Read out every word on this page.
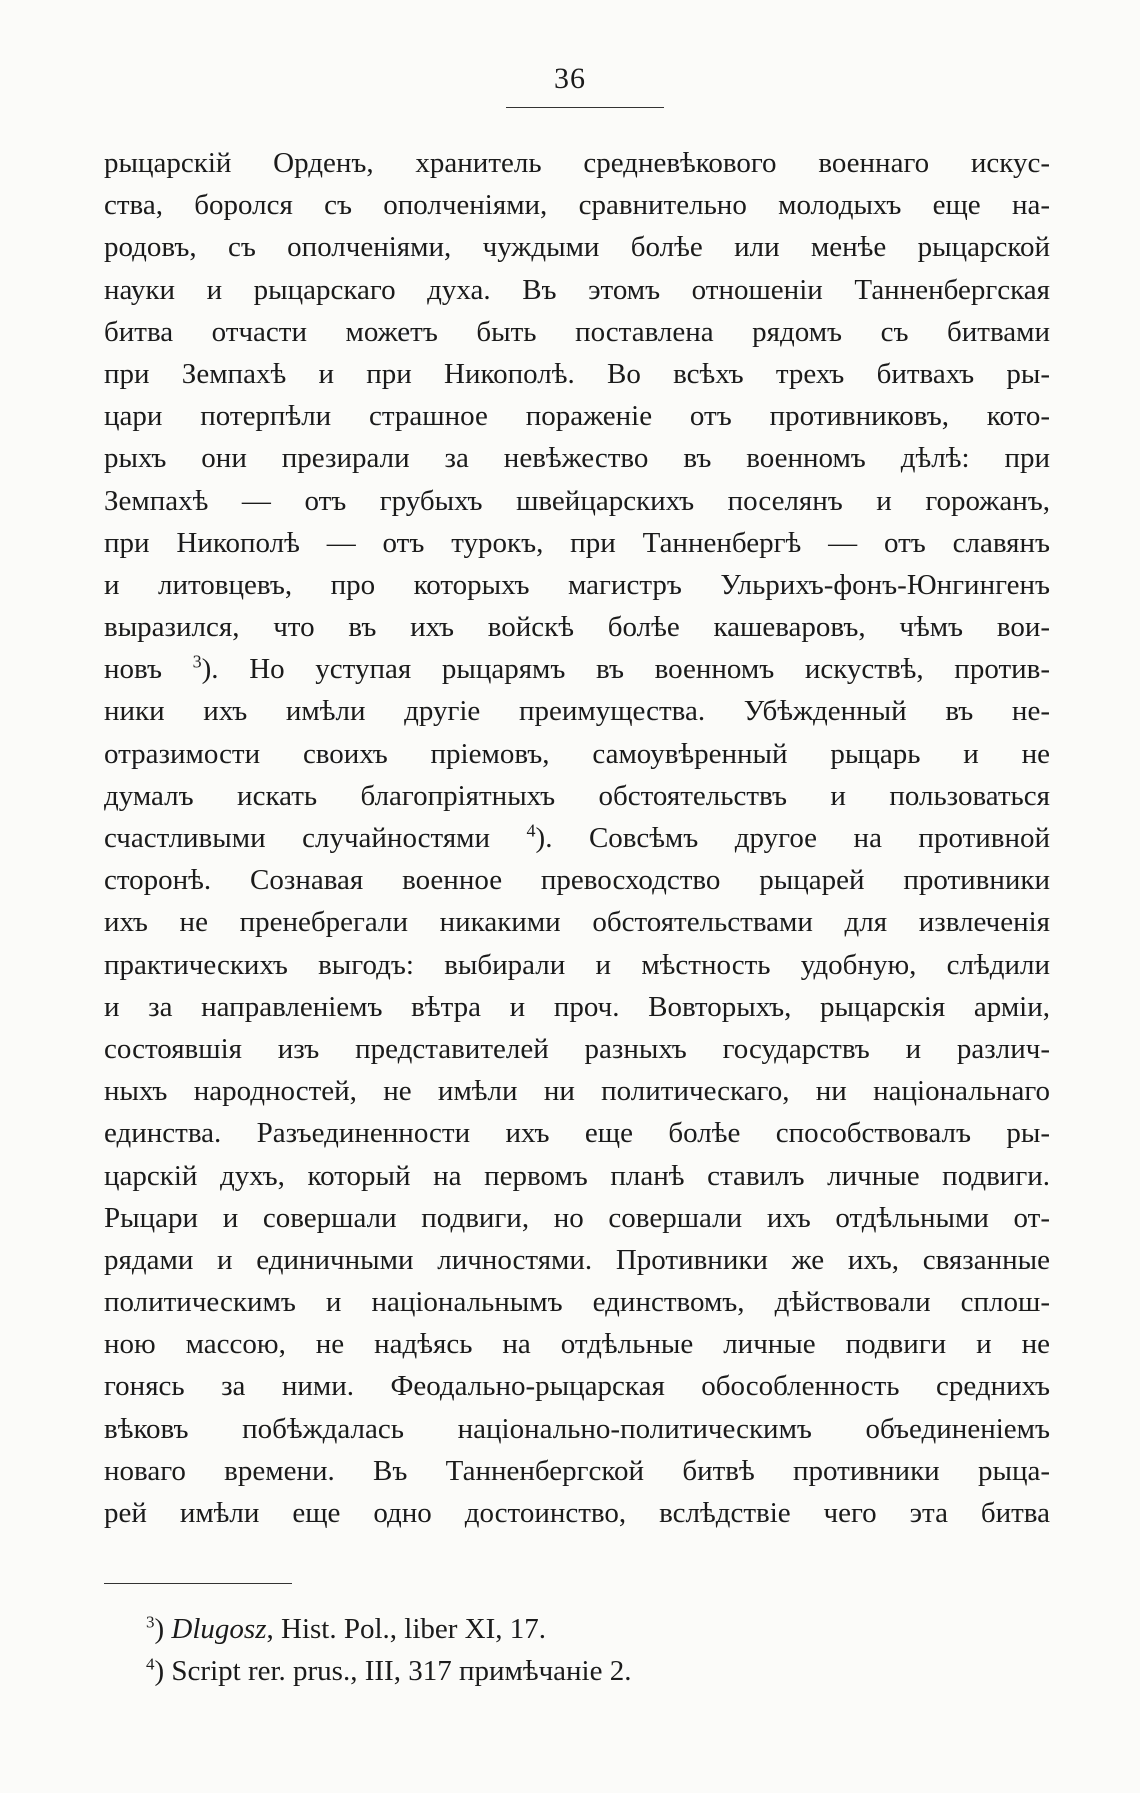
36
рыцарскій Орденъ, хранитель средневѣкового военнаго искус-
ства, боролся съ ополченіями, сравнительно молодыхъ еще на-
родовъ, съ ополченіями, чуждыми болѣе или менѣе рыцарской
науки и рыцарскаго духа. Въ этомъ отношеніи Танненбергская
битва отчасти можетъ быть поставлена рядомъ съ битвами
при Земпахѣ и при Никополѣ. Во всѣхъ трехъ битвахъ ры-
цари потерпѣли страшное пораженіе отъ противниковъ, кото-
рыхъ они презирали за невѣжество въ военномъ дѣлѣ: при
Земпахѣ — отъ грубыхъ швейцарскихъ поселянъ и горожанъ,
при Никополѣ — отъ турокъ, при Танненбергѣ — отъ славянъ
и литовцевъ, про которыхъ магистръ Ульрихъ-фонъ-Юнгингенъ
выразился, что въ ихъ войскѣ болѣе кашеваровъ, чѣмъ вои-
новъ $^3$). Но уступая рыцарямъ въ военномъ искуствѣ, против-
ники ихъ имѣли другіе преимущества. Убѣжденный въ не-
отразимости своихъ пріемовъ, самоувѣренный рыцарь и не
думалъ искать благопріятныхъ обстоятельствъ и пользоваться
счастливыми случайностями $^4$). Совсѣмъ другое на противной
сторонѣ. Сознавая военное превосходство рыцарей противники
ихъ не пренебрегали никакими обстоятельствами для извлеченія
практическихъ выгодъ: выбирали и мѣстность удобную, слѣдили
и за направленіемъ вѣтра и проч. Вовторыхъ, рыцарскія арміи,
состоявшія изъ представителей разныхъ государствъ и различ-
ныхъ народностей, не имѣли ни политическаго, ни національнаго
единства. Разъединенности ихъ еще болѣе способствовалъ ры-
царскій духъ, который на первомъ планѣ ставилъ личные подвиги.
Рыцари и совершали подвиги, но совершали ихъ отдѣльными от-
рядами и единичными личностями. Противники же ихъ, связанные
политическимъ и національнымъ единствомъ, дѣйствовали сплош-
ною массою, не надѣясь на отдѣльные личные подвиги и не
гонясь за ними. Феодально-рыцарская обособленность среднихъ
вѣковъ побѣждалась національно-политическимъ объединеніемъ
новаго времени. Въ Танненбергской битвѣ противники рыца-
рей имѣли еще одно достоинство, вслѣдствіе чего эта битва
$^3$) Dlugosz, Hist. Pol., liber XI, 17.
$^4$) Script rer. prus., III, 317 примѣчаніе 2.
